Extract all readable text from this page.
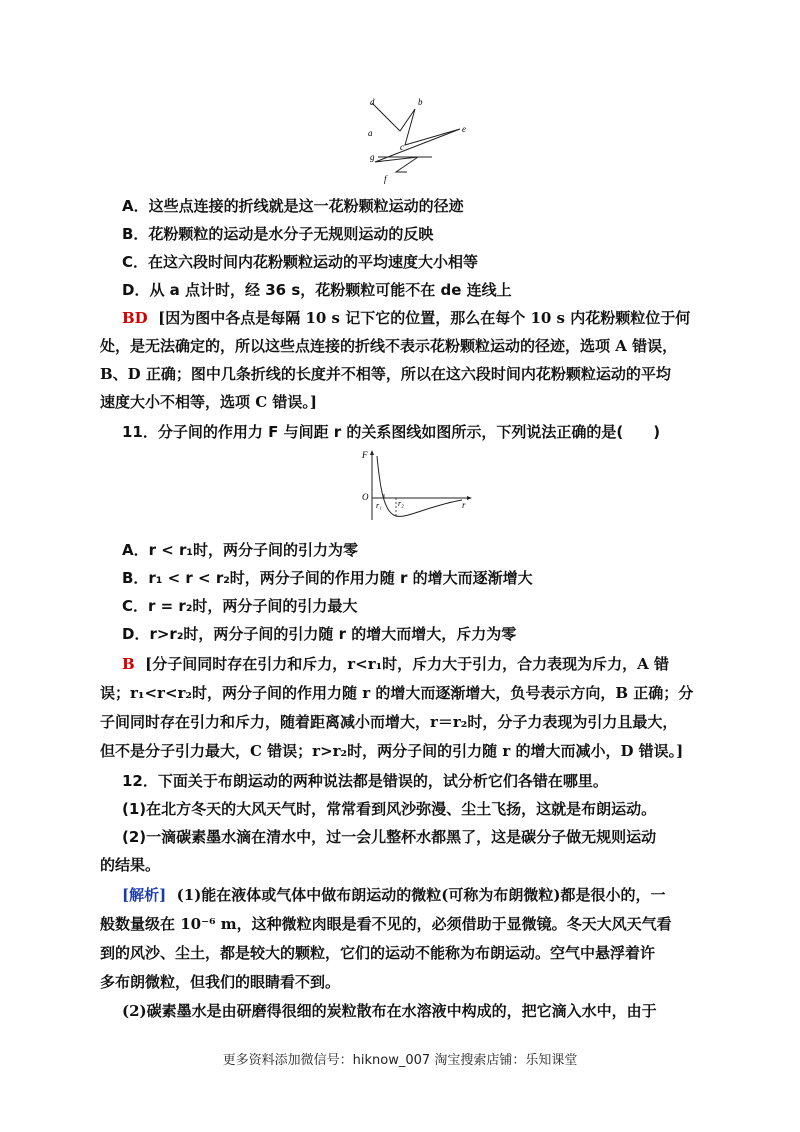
d	b
a	e
c
g
f
A．这些点连接的折线就是这一花粉颗粒运动的径迹
B．花粉颗粒的运动是水分子无规则运动的反映
C．在这六段时间内花粉颗粒运动的平均速度大小相等
D．从 a 点计时，经 36 s，花粉颗粒可能不在 de 连线上
BD [因为图中各点是每隔 10 s 记下它的位置，那么在每个 10 s 内花粉颗粒位于何
处，是无法确定的，所以这些点连接的折线不表示花粉颗粒运动的径迹，选项 A 错误，
B、D 正确；图中几条折线的长度并不相等，所以在这六段时间内花粉颗粒运动的平均
速度大小不相等，选项 C 错误。]
11．分子间的作用力 F 与间距 r 的关系图线如图所示，下列说法正确的是(　　)
F
O
r
r₁ r₂
A．r < r₁时，两分子间的引力为零
B．r₁ < r < r₂时，两分子间的作用力随 r 的增大而逐渐增大
C．r = r₂时，两分子间的引力最大
D．r>r₂时，两分子间的引力随 r 的增大而增大，斥力为零
B [分子间同时存在引力和斥力，r<r₁时，斥力大于引力，合力表现为斥力，A 错
误；r₁<r<r₂时，两分子间的作用力随 r 的增大而逐渐增大，负号表示方向，B 正确；分
子间同时存在引力和斥力，随着距离减小而增大，r＝r₂时，分子力表现为引力且最大，
但不是分子引力最大，C 错误；r>r₂时，两分子间的引力随 r 的增大而减小，D 错误。]
12．下面关于布朗运动的两种说法都是错误的，试分析它们各错在哪里。
(1)在北方冬天的大风天气时，常常看到风沙弥漫、尘土飞扬，这就是布朗运动。
(2)一滴碳素墨水滴在清水中，过一会儿整杯水都黑了，这是碳分子做无规则运动
的结果。
[解析] (1)能在液体或气体中做布朗运动的微粒(可称为布朗微粒)都是很小的，一
般数量级在 10⁻⁶ m，这种微粒肉眼是看不见的，必须借助于显微镜。冬天大风天气看
到的风沙、尘土，都是较大的颗粒，它们的运动不能称为布朗运动。空气中悬浮着许
多布朗微粒，但我们的眼睛看不到。
(2)碳素墨水是由研磨得很细的炭粒散布在水溶液中构成的，把它滴入水中，由于
更多资料添加微信号：hiknow_007 淘宝搜索店铺：乐知课堂
